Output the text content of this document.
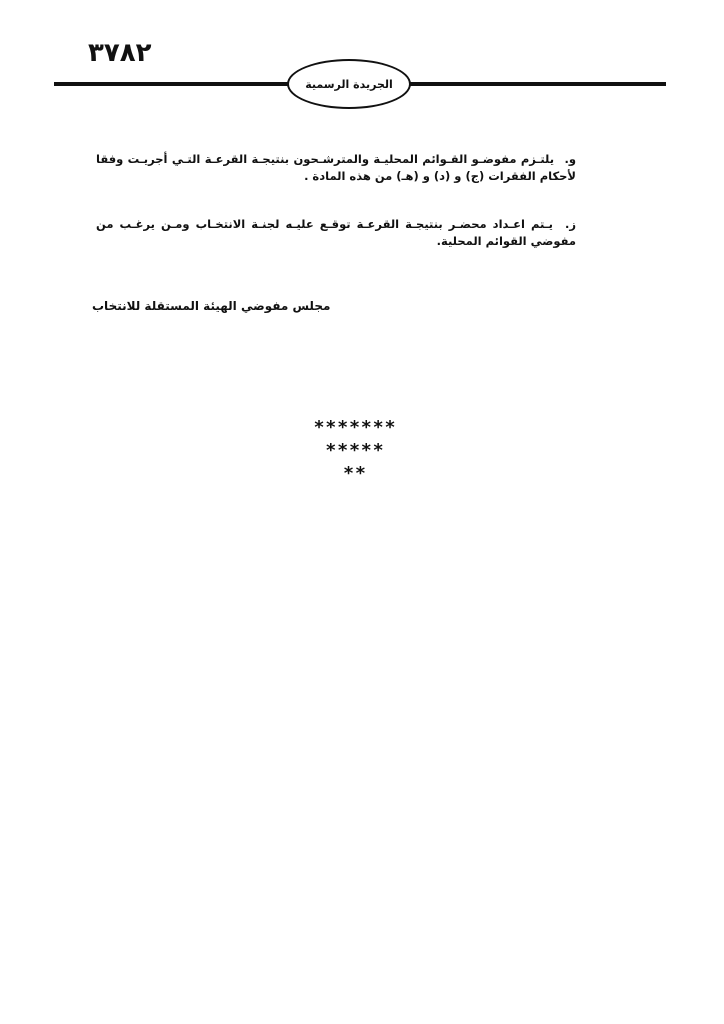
٣٧٨٢
الجريدة الرسمية
و. يلتـزم مفوضـو القـوائم المحليـة والمترشـحون بنتيجـة القرعـة التـي أجريـت وفقا لأحكام الفقرات (ج) و (د) و (هـ) من هذه المادة .
ز. يـتم اعـداد محضـر بنتيجـة القرعـة توقـع عليـه لجنـة الانتخـاب ومـن يرغـب من مفوضي القوائم المحلية.
مجلس مفوضي الهيئة المستقلة للانتخاب
*******
*****
**
